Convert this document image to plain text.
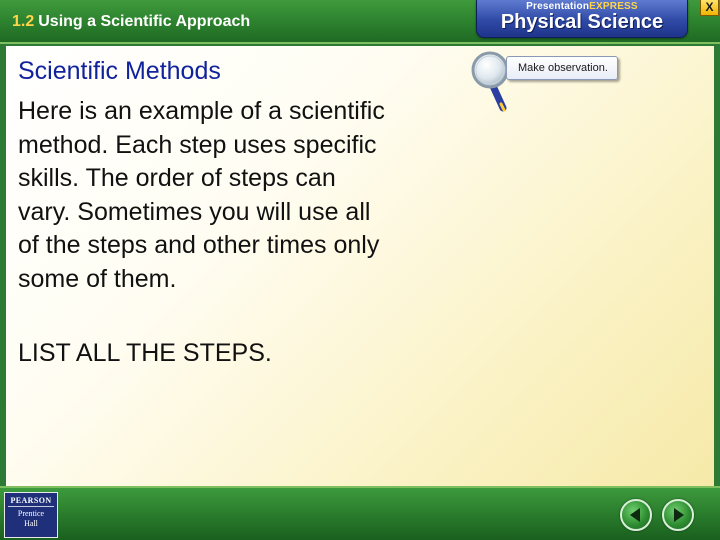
1.2 Using a Scientific Approach
PresentationEXPRESS
Physical Science
X
Scientific Methods
Here is an example of a scientific method. Each step uses specific skills. The order of steps can vary. Sometimes you will use all of the steps and other times only some of them.
LIST ALL THE STEPS.
Make observation.
PEARSON
Prentice
Hall
